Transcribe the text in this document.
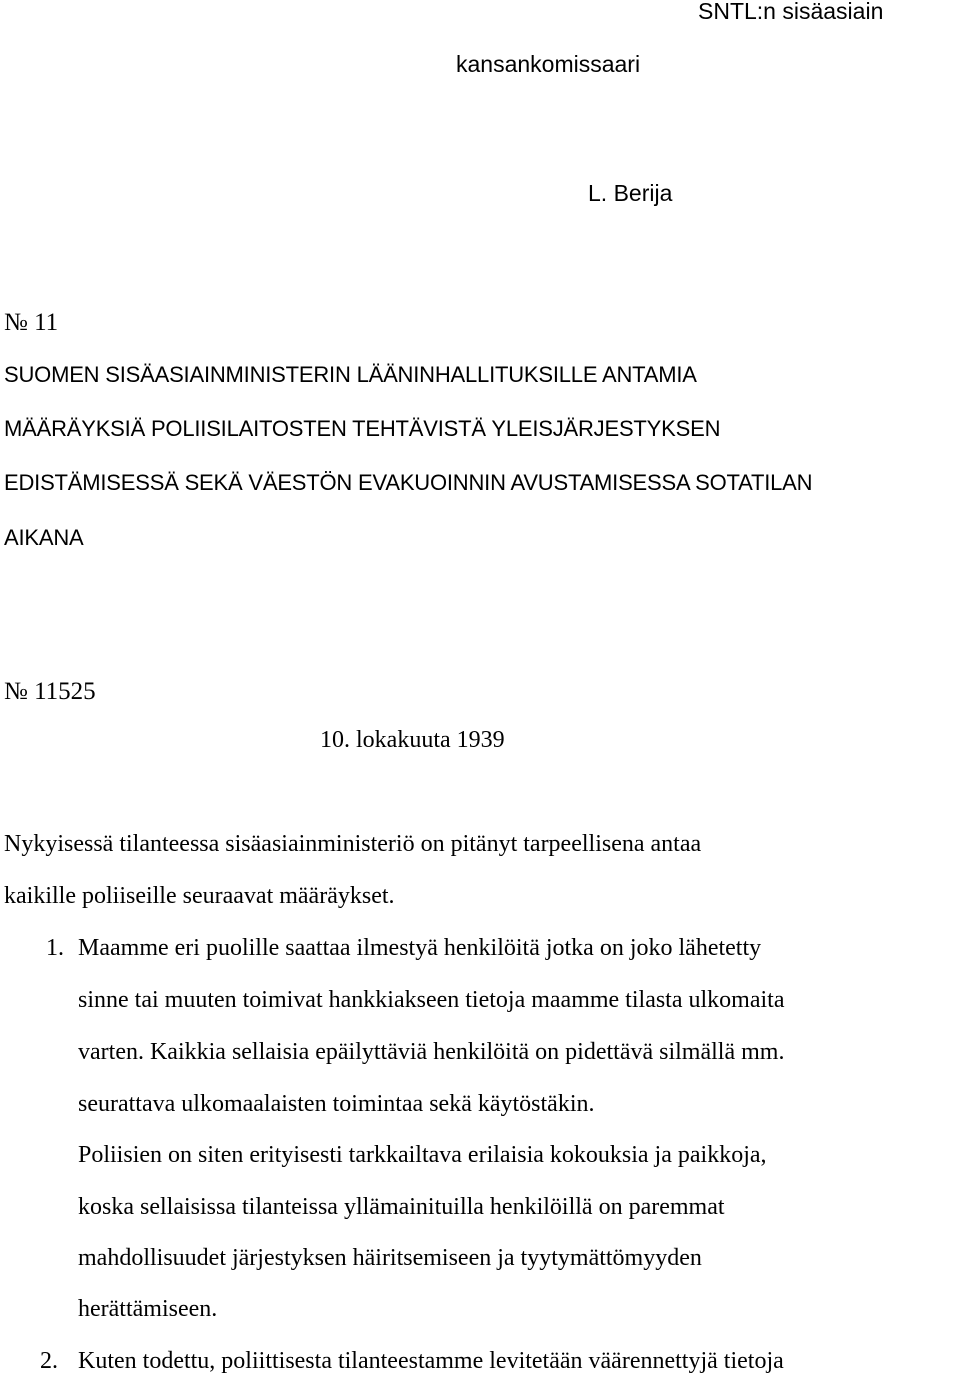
SNTL:n sisäasiain
kansankomissaari
L. Berija
№ 11
SUOMEN SISÄASIAINMINISTERIN LÄÄNINHALLITUKSILLE ANTAMIA
MÄÄRÄYKSIÄ POLIISILAITOSTEN TEHTÄVISTÄ YLEISJÄRJESTYKSEN
EDISTÄMISESSÄ SEKÄ VÄESTÖN EVAKUOINNIN AVUSTAMISESSA SOTATILAN
AIKANA
№ 11525
10. lokakuuta 1939
Nykyisessä tilanteessa sisäasiainministeriö on pitänyt tarpeellisena antaa
kaikille poliiseille seuraavat määräykset.
1. Maamme eri puolille saattaa ilmestyä henkilöitä jotka on joko lähetetty
sinne tai muuten toimivat hankkiakseen tietoja maamme tilasta ulkomaita
varten. Kaikkia sellaisia epäilyttäviä henkilöitä on pidettävä silmällä mm.
seurattava ulkomaalaisten toimintaa sekä käytöstäkin.
Poliisien on siten erityisesti tarkkailtava erilaisia kokouksia ja paikkoja,
koska sellaisissa tilanteissa yllämainituilla henkilöillä on paremmat
mahdollisuudet järjestyksen häiritsemiseen ja tyytymättömyyden
herättämiseen.
2. Kuten todettu, poliittisesta tilanteestamme levitetään väärennettyjä tietoja
